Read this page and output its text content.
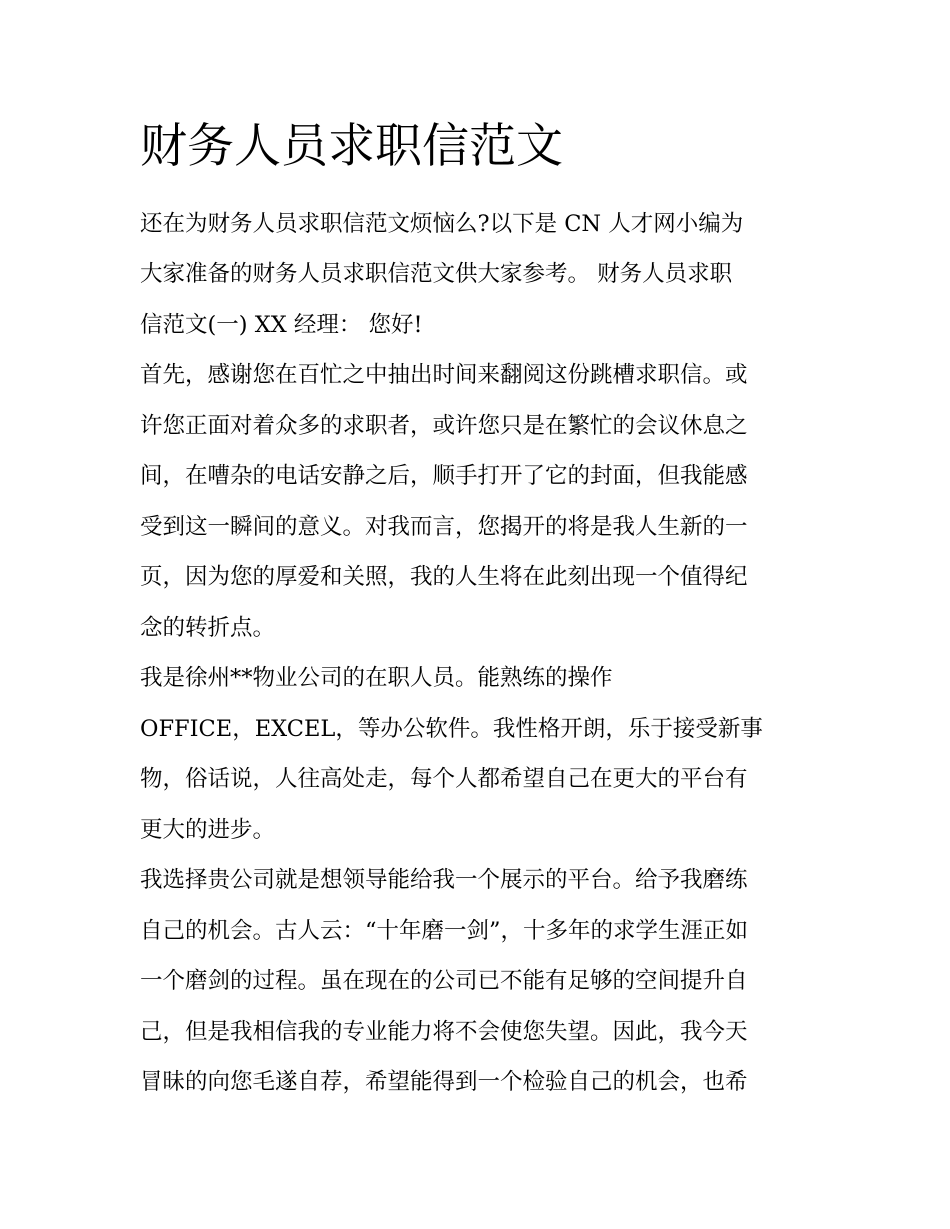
财务人员求职信范文
还在为财务人员求职信范文烦恼么?以下是 CN 人才网小编为
大家准备的财务人员求职信范文供大家参考。 财务人员求职
信范文(一) XX 经理： 您好!
首先，感谢您在百忙之中抽出时间来翻阅这份跳槽求职信。或
许您正面对着众多的求职者，或许您只是在繁忙的会议休息之
间，在嘈杂的电话安静之后，顺手打开了它的封面，但我能感
受到这一瞬间的意义。对我而言，您揭开的将是我人生新的一
页，因为您的厚爱和关照，我的人生将在此刻出现一个值得纪
念的转折点。
我是徐州**物业公司的在职人员。能熟练的操作
OFFICE，EXCEL，等办公软件。我性格开朗，乐于接受新事
物，俗话说，人往高处走，每个人都希望自己在更大的平台有
更大的进步。
我选择贵公司就是想领导能给我一个展示的平台。给予我磨练
自己的机会。古人云：“十年磨一剑”，十多年的求学生涯正如
一个磨剑的过程。虽在现在的公司已不能有足够的空间提升自
己，但是我相信我的专业能力将不会使您失望。因此，我今天
冒昧的向您毛遂自荐，希望能得到一个检验自己的机会，也希
